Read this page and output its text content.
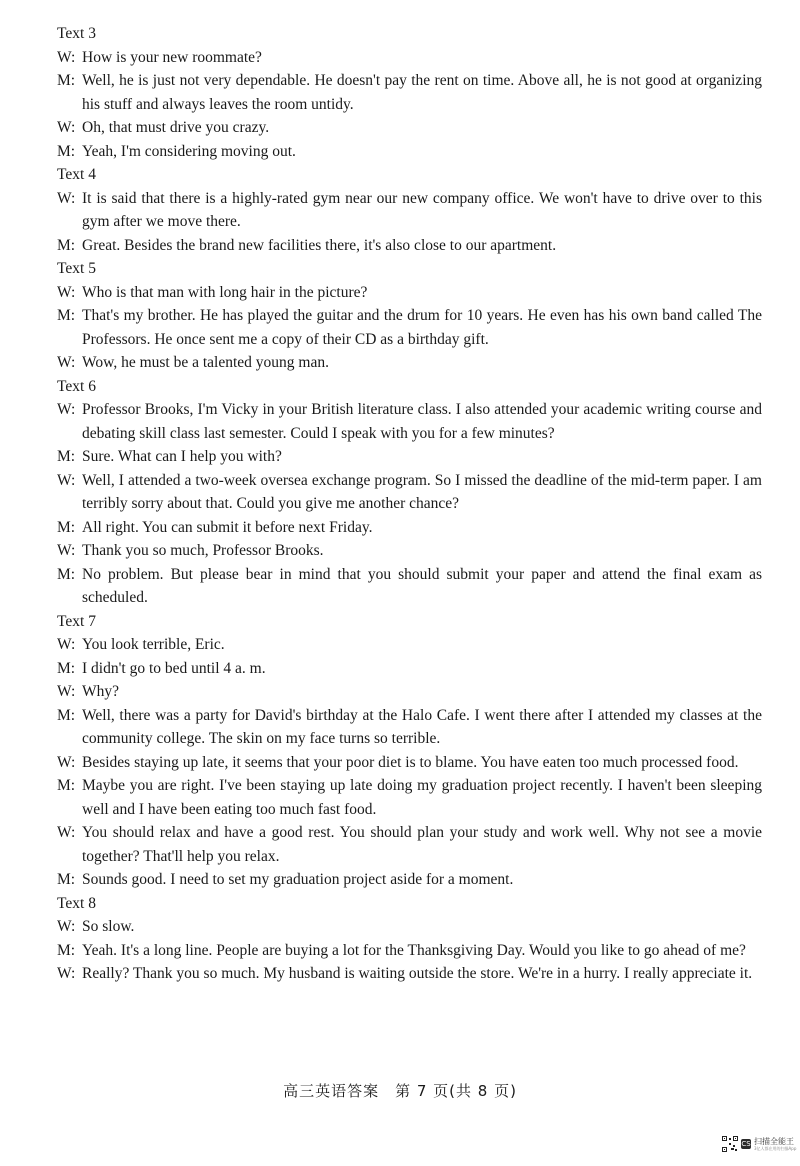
Text 3
W: How is your new roommate?
M: Well, he is just not very dependable. He doesn't pay the rent on time. Above all, he is not good at organizing his stuff and always leaves the room untidy.
W: Oh, that must drive you crazy.
M: Yeah, I'm considering moving out.
Text 4
W: It is said that there is a highly-rated gym near our new company office. We won't have to drive over to this gym after we move there.
M: Great. Besides the brand new facilities there, it's also close to our apartment.
Text 5
W: Who is that man with long hair in the picture?
M: That's my brother. He has played the guitar and the drum for 10 years. He even has his own band called The Professors. He once sent me a copy of their CD as a birthday gift.
W: Wow, he must be a talented young man.
Text 6
W: Professor Brooks, I'm Vicky in your British literature class. I also attended your academic writing course and debating skill class last semester. Could I speak with you for a few minutes?
M: Sure. What can I help you with?
W: Well, I attended a two-week oversea exchange program. So I missed the deadline of the mid-term paper. I am terribly sorry about that. Could you give me another chance?
M: All right. You can submit it before next Friday.
W: Thank you so much, Professor Brooks.
M: No problem. But please bear in mind that you should submit your paper and attend the final exam as scheduled.
Text 7
W: You look terrible, Eric.
M: I didn't go to bed until 4 a. m.
W: Why?
M: Well, there was a party for David's birthday at the Halo Cafe. I went there after I attended my classes at the community college. The skin on my face turns so terrible.
W: Besides staying up late, it seems that your poor diet is to blame. You have eaten too much processed food.
M: Maybe you are right. I've been staying up late doing my graduation project recently. I haven't been sleeping well and I have been eating too much fast food.
W: You should relax and have a good rest. You should plan your study and work well. Why not see a movie together? That'll help you relax.
M: Sounds good. I need to set my graduation project aside for a moment.
Text 8
W: So slow.
M: Yeah. It's a long line. People are buying a lot for the Thanksgiving Day. Would you like to go ahead of me?
W: Really? Thank you so much. My husband is waiting outside the store. We're in a hurry. I really appreciate it.
高三英语答案　第 7 页(共 8 页)
CS 扫描全能王
3亿人都在用的扫描App
